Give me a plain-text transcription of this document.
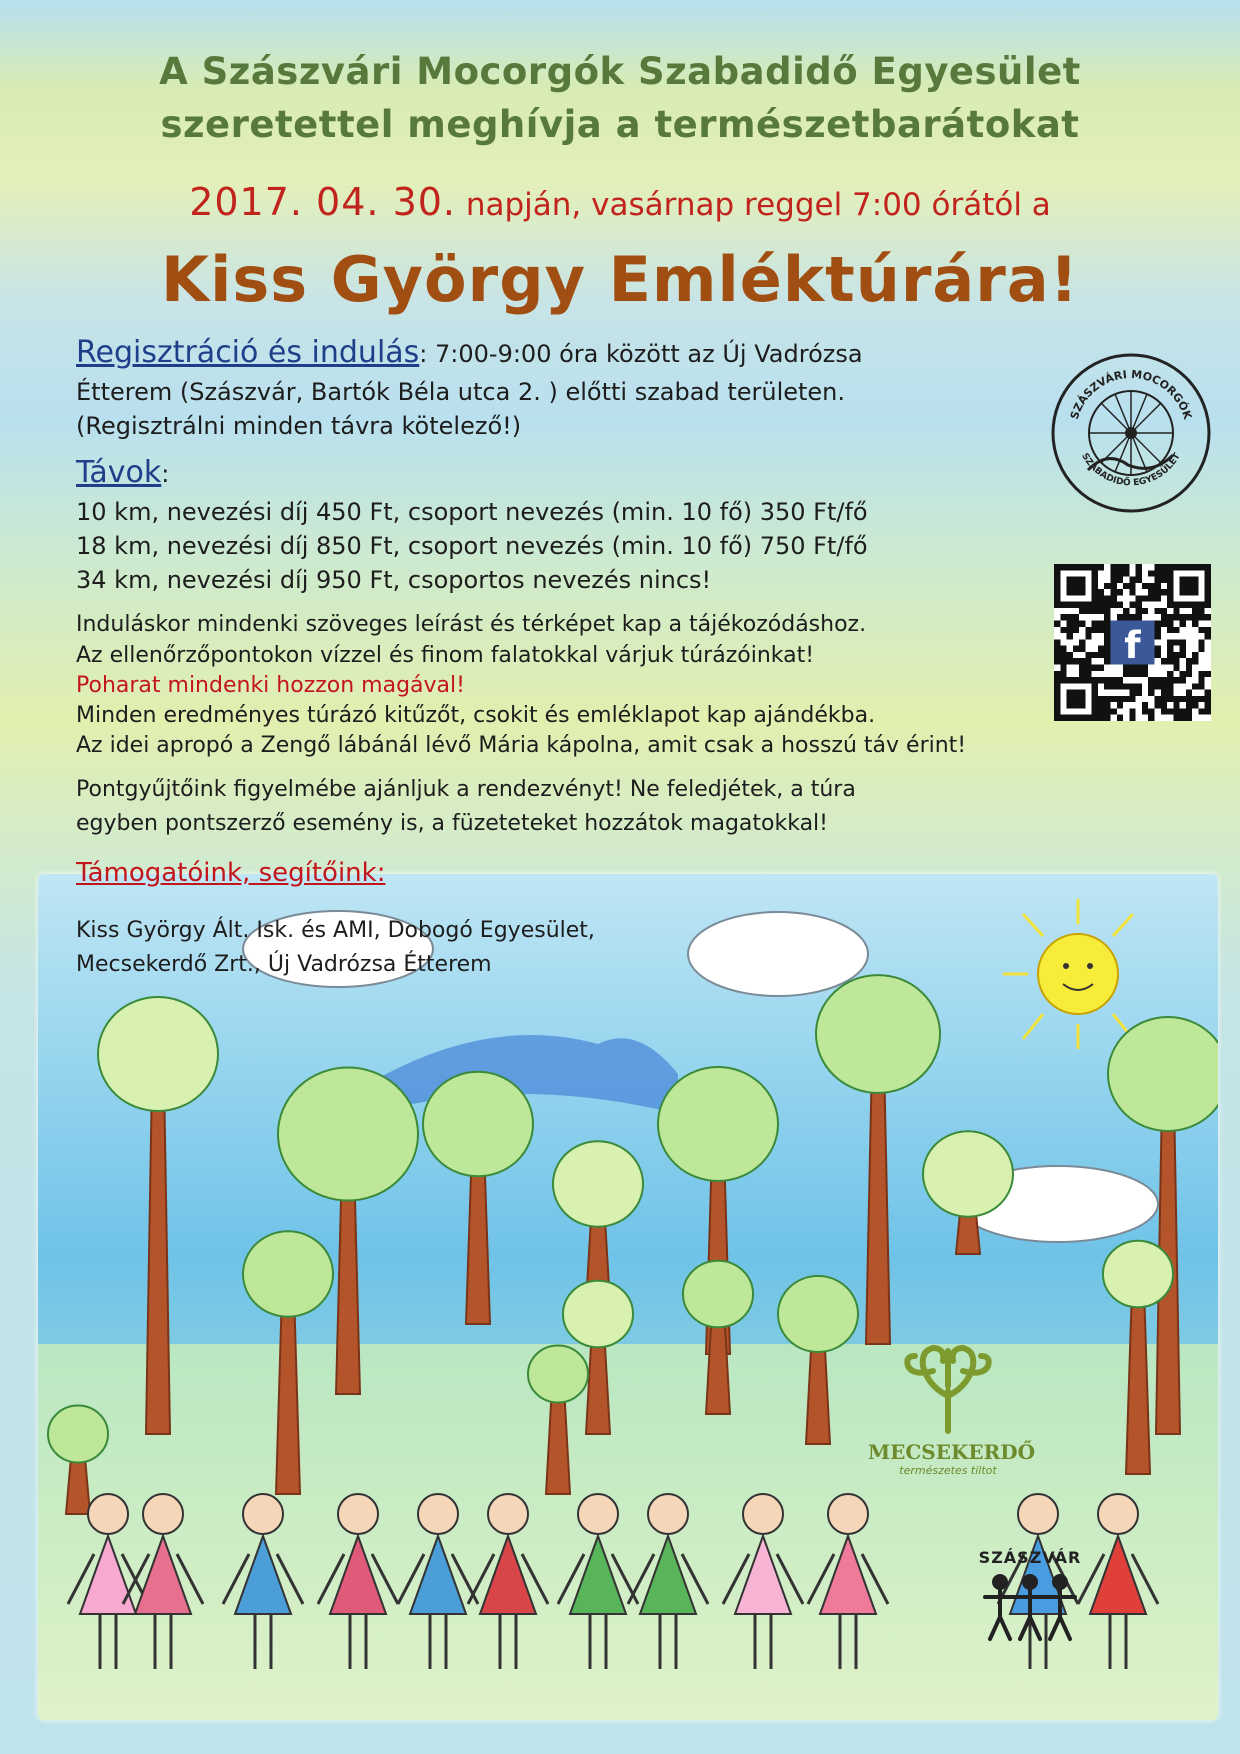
A Szászvári Mocorgók Szabadidő Egyesület
szeretettel meghívja a természetbarátokat
2017. 04. 30. napján, vasárnap reggel 7:00 órától a
Kiss György Emléktúrára!
Regisztráció és indulás: 7:00-9:00 óra között az Új Vadrózsa
Étterem (Szászvár, Bartók Béla utca 2. ) előtti szabad területen.
(Regisztrálni minden távra kötelező!)
Távok:
10 km, nevezési díj 450 Ft, csoport nevezés (min. 10 fő) 350 Ft/fő
18 km, nevezési díj 850 Ft, csoport nevezés (min. 10 fő) 750 Ft/fő
34 km, nevezési díj 950 Ft, csoportos nevezés nincs!
Induláskor mindenki szöveges leírást és térképet kap a tájékozódáshoz.
Az ellenőrzőpontokon vízzel és finom falatokkal várjuk túrázóinkat!
Poharat mindenki hozzon magával!
Minden eredményes túrázó kitűzőt, csokit és emléklapot kap ajándékba.
Az idei apropó a Zengő lábánál lévő Mária kápolna, amit csak a hosszú táv érint!
Pontgyűjtőink figyelmébe ajánljuk a rendezvényt! Ne feledjétek, a túra
egyben pontszerző esemény is, a füzeteteket hozzátok magatokkal!
SZÁSZVÁRI MOCORGÓK
SZABADIDŐ EGYESÜLET
f
Támogatóink, segítőink:
Kiss György Ált. Isk. és AMI, Dobogó Egyesület,
Mecsekerdő Zrt., Új Vadrózsa Étterem
MECSEKERDŐ
természetes tiltot
SZÁSZVÁR
